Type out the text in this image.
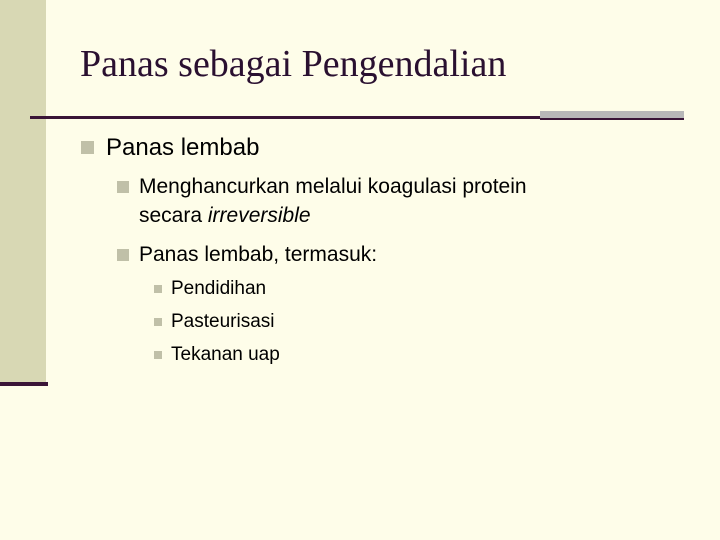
Panas sebagai Pengendalian
Panas lembab
Menghancurkan melalui koagulasi protein
secara irreversible
Panas lembab, termasuk:
Pendidihan
Pasteurisasi
Tekanan uap
